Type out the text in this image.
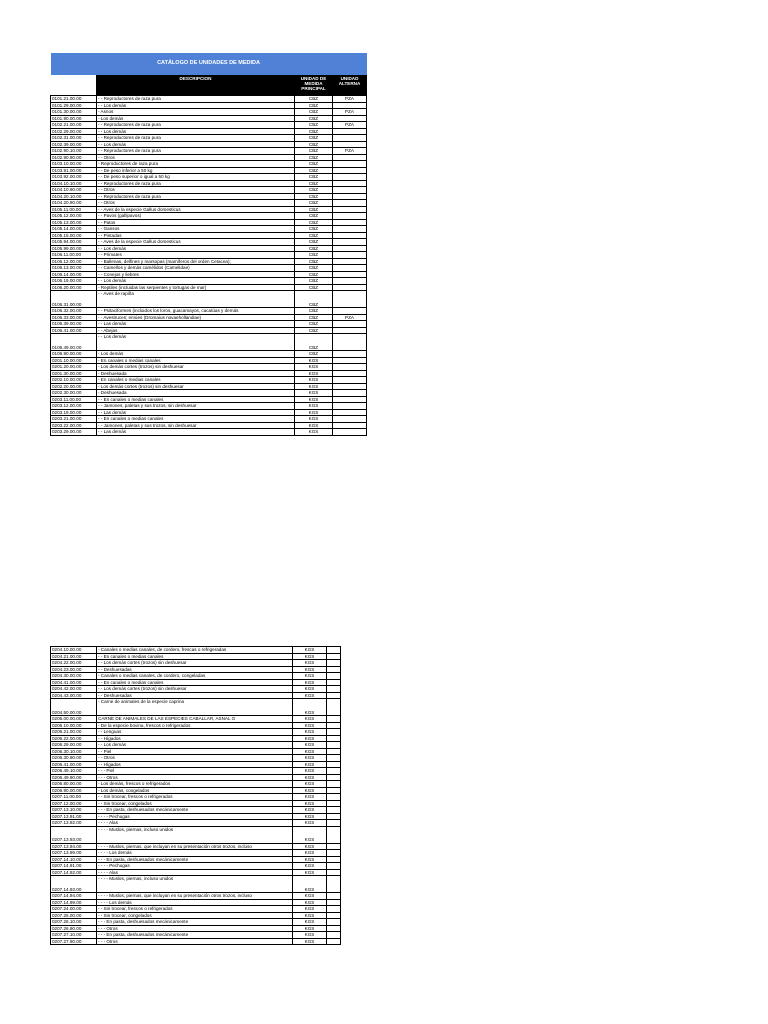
CATÁLOGO DE UNIDADES DE MEDIDA			
	DESCRIPCION	UNIDAD DE MEDIDA PRINCIPAL	UNIDAD ALTERNA
0101.21.00.00	- - Reproductores de raza pura	CBZ	PZA
0101.29.00.00	- - Los demás	CBZ	
0101.30.00.00	- Asnos	CBZ	PZA
0101.90.00.00	- Los demás	CBZ	
0102.21.00.00	- - Reproductores de raza pura	CBZ	PZA
0102.29.00.00	- - Los demás	CBZ	
0102.31.00.00	- - Reproductores de raza pura	CBZ	
0102.39.00.00	- - Los demás	CBZ	
0102.90.10.00	- - Reproductores de raza pura	CBZ	PZA
0102.90.90.00	- - Otros	CBZ	
0103.10.00.00	- Reproductores de raza pura	CBZ	
0103.91.00.00	- - De peso inferior a 50 kg	CBZ	
0103.92.00.00	- - De peso superior o igual a 50 kg	CBZ	
0104.10.10.00	- - Reproductores de raza pura	CBZ	
0104.10.90.00	- - Otros	CBZ	
0104.20.10.00	- - Reproductores de raza pura	CBZ	
0104.20.90.00	- - Otros	CBZ	
0105.11.00.00	- - Aves de la especie Gallus domesticus	CBZ	
0105.12.00.00	- - Pavos (gallipavos)	CBZ	
0105.13.00.00	- - Patos	CBZ	
0105.14.00.00	- - Gansos	CBZ	
0105.15.00.00	- - Pintadas	CBZ	
0105.94.00.00	- - Aves de la especie Gallus domesticus	CBZ	
0105.99.00.00	- - Los demás	CBZ	
0106.11.00.00	- - Primates	CBZ	
0106.12.00.00	- - Ballenas, delfines y marsopas (mamíferos del orden Cetacea);	CBZ	
0106.13.00.00	- - Camellos y demás camélidos (Camelidae)	CBZ	
0106.14.00.00	- - Conejos y liebres	CBZ	
0106.19.00.00	- - Los demás	CBZ	
0106.20.00.00	- Reptiles (incluidas las serpientes y tortugas de mar)	CBZ	
0106.31.00.00	- - Aves de rapiña	CBZ	
0106.32.00.00	- - Psitaciformes (incluidos los loros, guacamayos, cacatúas y demás	CBZ	
0106.33.00.00	- - Avestruces; emúes (Dromaius novaehollandiae)	CBZ	PZA
0106.39.00.00	- - Las demás	CBZ	
0106.41.00.00	- - Abejas	CBZ	
0106.49.00.00	- - Los demás	CBZ	
0106.90.00.00	- Los demás	CBZ	
0201.10.00.00	- En canales o medias canales	KGS	
0201.20.00.00	- Los demás cortes (trozos) sin deshuesar	KGS	
0201.30.00.00	- Deshuesada	KGS	
0202.10.00.00	- En canales o medias canales	KGS	
0202.20.00.00	- Los demás cortes (trozos) sin deshuesar	KGS	
0202.30.00.00	- Deshuesada	KGS	
0203.11.00.00	- - En canales o medias canales	KGS	
0203.12.00.00	- - Jamones, paletas y sus trozos, sin deshuesar	KGS	
0203.19.00.00	- - Las demás	KGS	
0203.21.00.00	- - En canales o medias canales	KGS	
0203.22.00.00	- - Jamones, paletas y sus trozos, sin deshuesar	KGS	
0203.29.00.00	- - Las demás	KGS	
0204.10.00.00	- Canales o medias canales, de cordero, frescas o refrigeradas	KGS	
0204.21.00.00	- - En canales o medias canales	KGS	
0204.22.00.00	- - Los demás cortes (trozos) sin deshuesar	KGS	
0204.23.00.00	- - Deshuesadas	KGS	
0204.30.00.00	- Canales o medias canales, de cordero, congeladas	KGS	
0204.41.00.00	- - En canales o medias canales	KGS	
0204.42.00.00	- - Los demás cortes (trozos) sin deshuesar	KGS	
0204.43.00.00	- - Deshuesadas	KGS	
0204.50.00.00	- Carne de animales de la especie caprina	KGS	
0205.00.00.00	CARNE DE ANIMALES DE LAS ESPECIES CABALLAR, ASNAL O	KGS	
0206.10.00.00	- De la especie bovina, frescos o refrigerados	KGS	
0206.21.00.00	- - Lenguas	KGS	
0206.22.00.00	- - Hígados	KGS	
0206.29.00.00	- - Los demás	KGS	
0206.30.10.00	- - Piel	KGS	
0206.30.90.00	- - Otros	KGS	
0206.41.00.00	- - Hígados	KGS	
0206.49.10.00	- - - Piel	KGS	
0206.49.90.00	- - - Otros	KGS	
0206.80.00.00	- Los demás, frescos o refrigerados	KGS	
0206.90.00.00	- Los demás, congelados	KGS	
0207.11.00.00	- - Sin trocear, frescos o refrigerados	KGS	
0207.12.00.00	- - Sin trocear, congelados	KGS	
0207.13.10.00	- - - En pasta, deshuesados mecánicamente	KGS	
0207.13.91.00	- - - - Pechugas	KGS	
0207.13.92.00	- - - - Alas	KGS	
0207.13.93.00	- - - - Muslos, piernas, incluso unidos	KGS	
0207.13.94.00	- - - - Muslos, piernas, que incluyan en su presentación otros trozos, incluso	KGS	
0207.13.99.00	- - - - Los demás	KGS	
0207.14.10.00	- - - En pasta, deshuesados mecánicamente	KGS	
0207.14.91.00	- - - - Pechugas	KGS	
0207.14.92.00	- - - - Alas	KGS	
0207.14.93.00	- - - - Muslos, piernas, incluso unidos	KGS	
0207.14.94.00	- - - - Muslos, piernas, que incluyan en su presentación otros trozos, incluso	KGS	
0207.14.99.00	- - - - Los demás	KGS	
0207.24.00.00	- - Sin trocear, frescos o refrigerados	KGS	
0207.25.00.00	- - Sin trocear, congelados	KGS	
0207.26.10.00	- - - En pasta, deshuesados mecánicamente	KGS	
0207.26.90.00	- - - Otros	KGS	
0207.27.10.00	- - - En pasta, deshuesados mecánicamente	KGS	
0207.27.90.00	- - - Otros	KGS	
